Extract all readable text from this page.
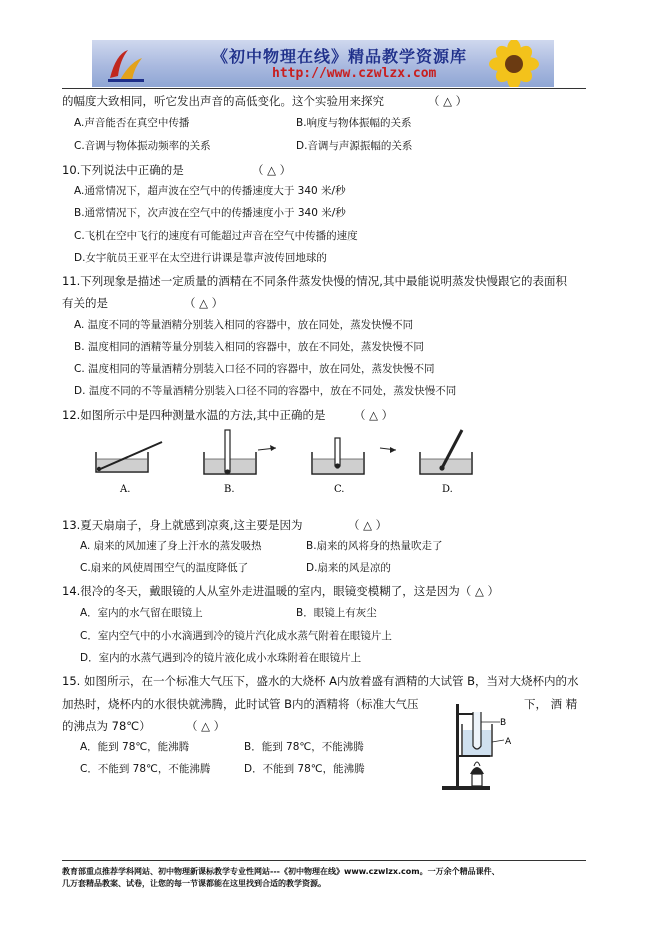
《初中物理在线》精品教学资源库
http://www.czwlzx.com
的幅度大致相同，听它发出声音的高低变化。这个实验用来探究	（ △ ）
A.声音能否在真空中传播	B.响度与物体振幅的关系
C.音调与物体振动频率的关系	D.音调与声源振幅的关系
10.下列说法中正确的是	（ △ ）
A.通常情况下，超声波在空气中的传播速度大于 340 米/秒
B.通常情况下，次声波在空气中的传播速度小于 340 米/秒
C.飞机在空中飞行的速度有可能超过声音在空气中传播的速度
D.女宇航员王亚平在太空进行讲课是靠声波传回地球的
11.下列现象是描述一定质量的酒精在不同条件蒸发快慢的情况,其中最能说明蒸发快慢跟它的表面积
有关的是	（ △ ）
A. 温度不同的等量酒精分别装入相同的容器中，放在同处，蒸发快慢不同
B. 温度相同的酒精等量分别装入相同的容器中，放在不同处，蒸发快慢不同
C. 温度相同的等量酒精分别装入口径不同的容器中，放在同处，蒸发快慢不同
D. 温度不同的不等量酒精分别装入口径不同的容器中，放在不同处，蒸发快慢不同
12.如图所示中是四种测量水温的方法,其中正确的是 （ △ ）
A.	B.	C.	D.
13.夏天扇扇子，身上就感到凉爽,这主要是因为	（ △ ）
A. 扇来的风加速了身上汗水的蒸发吸热	B.扇来的风将身的热量吹走了
C.扇来的风使周围空气的温度降低了	D.扇来的风是凉的
14.很冷的冬天，戴眼镜的人从室外走进温暖的室内，眼镜变模糊了，这是因为（ △ ）
A．室内的水气留在眼镜上	B．眼镜上有灰尘
C．室内空气中的小水滴遇到冷的镜片汽化成水蒸气附着在眼镜片上
D．室内的水蒸气遇到冷的镜片液化成小水珠附着在眼镜片上
15. 如图所示，在一个标准大气压下，盛水的大烧杯 A内放着盛有酒精的大试管 B，当对大烧杯内的水
加热时，烧杯内的水很快就沸腾，此时试管 B内的酒精将（标准大气压	下， 酒 精
的沸点为 78℃）	（ △ ）
A．能到 78℃，能沸腾	B．能到 78℃，不能沸腾
C．不能到 78℃，不能沸腾	D．不能到 78℃，能沸腾
B
A
教育部重点推荐学科网站、初中物理新课标教学专业性网站---《初中物理在线》www.czwlzx.com。一万余个精品课件、
几万套精品教案、试卷，让您的每一节课都能在这里找到合适的教学资源。
